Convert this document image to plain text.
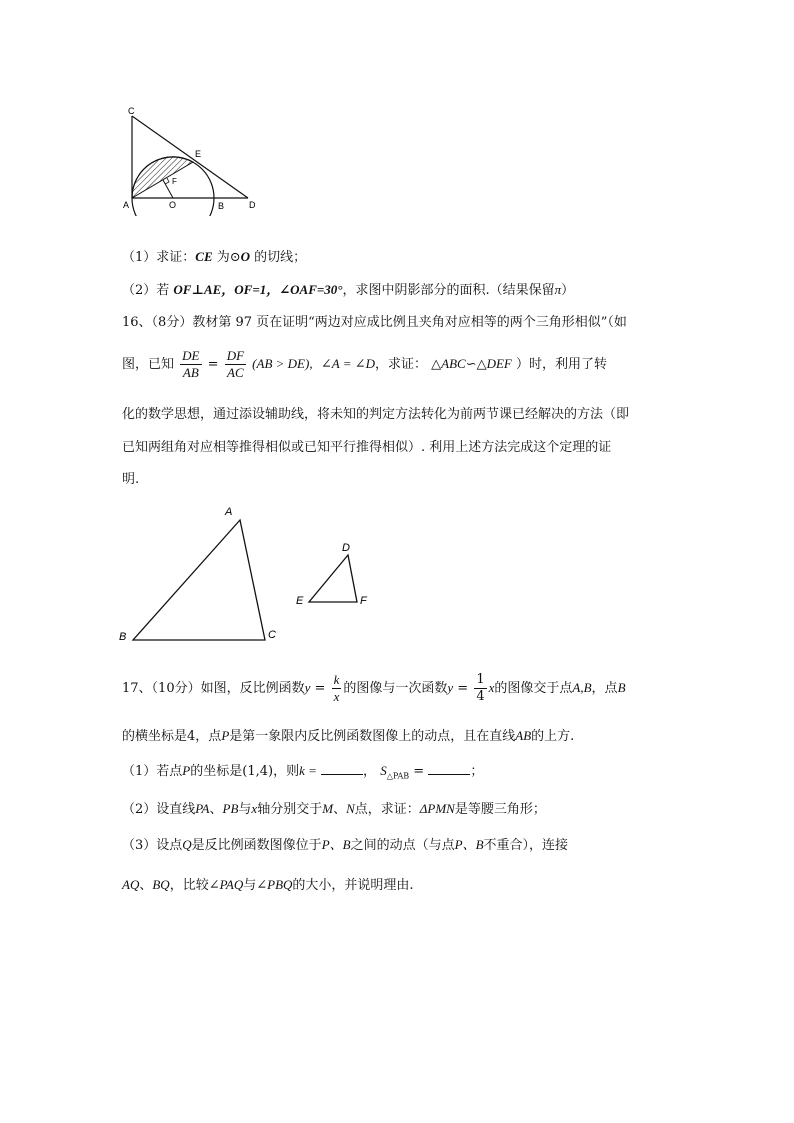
C
E
F
A	O	B	D
（1）求证：CE 为⊙O 的切线；
（2）若 OF⊥AE，OF=1，∠OAF=30°，求图中阴影部分的面积.（结果保留π）
16、（8分）教材第 97 页在证明“两边对应成比例且夹角对应相等的两个三角形相似”（如
图，已知 $\frac{DE}{AB} = \frac{DF}{AC} (AB > DE)$, ∠A = ∠D，求证： △ABC∽△DEF ）时，利用了转
化的数学思想，通过添设辅助线，将未知的判定方法转化为前两节课已经解决的方法（即
已知两组角对应相等推得相似或已知平行推得相似）. 利用上述方法完成这个定理的证
明.
A
B	C
D
E	F
17、（10分）如图，反比例函数$y = \frac{k}{x}$ 的图像与一次函数$y = \frac{1}{4}$ x的图像交于点A,B，点B
的横坐标是4，点P是第一象限内反比例函数图像上的动点，且在直线AB的上方.
（1）若点P的坐标是(1,4)，则k =	， $S_{\triangle PAB}$ =	；
（2）设直线PA、PB与x轴分别交于M、N点，求证：ΔPMN是等腰三角形；
（3）设点Q是反比例函数图像位于P、B之间的动点（与点P、B不重合），连接
AQ、BQ，比较∠PAQ与∠PBQ的大小，并说明理由.
